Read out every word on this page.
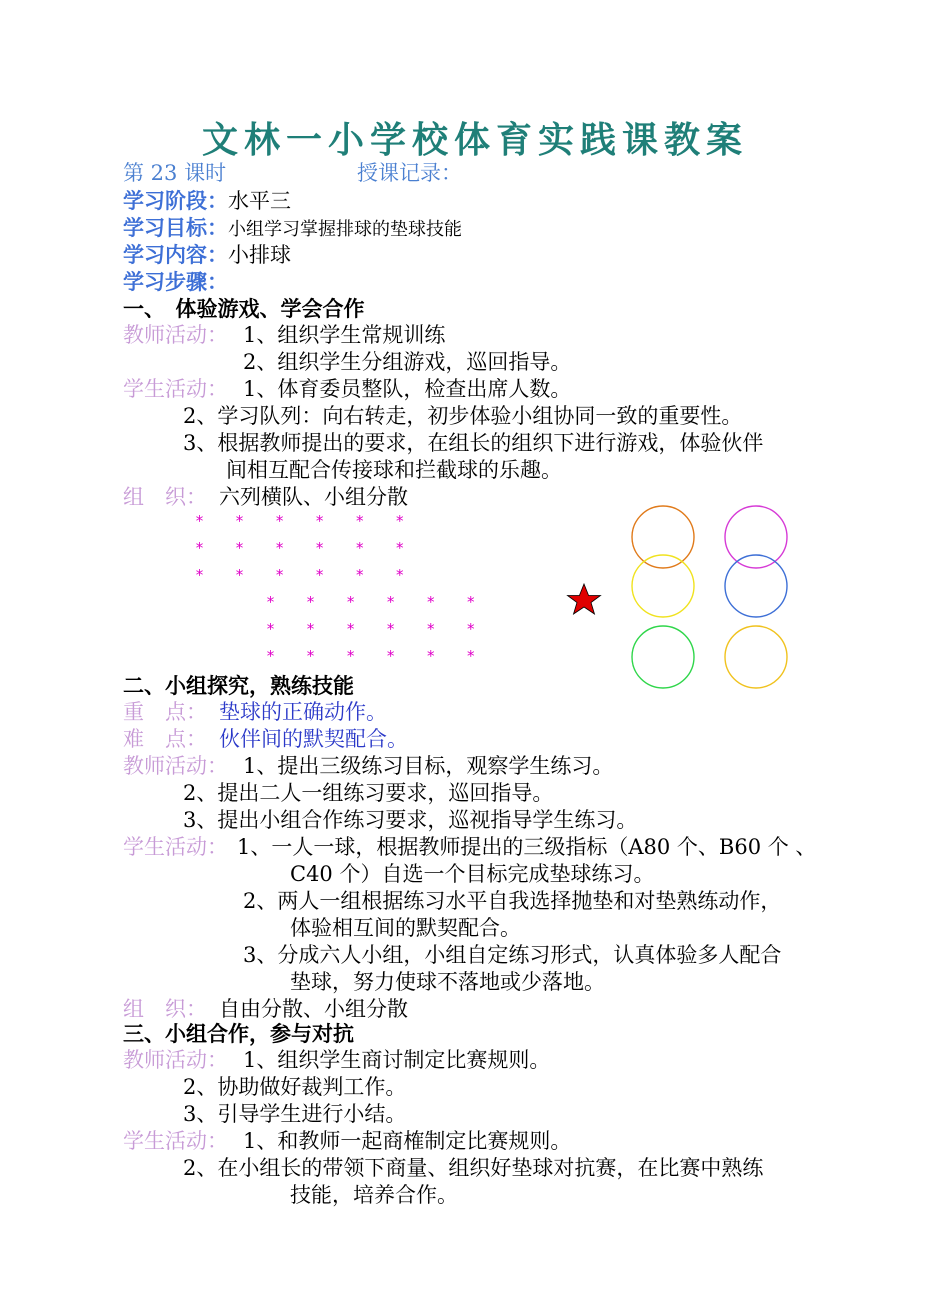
文林一小学校体育实践课教案
第 23 课时	授课记录：
学习阶段：水平三
学习目标：小组学习掌握排球的垫球技能
学习内容：小排球
学习步骤：
一、　体验游戏、学会合作
教师活动： 1、组织学生常规训练
2、组织学生分组游戏，巡回指导。
学生活动： 1、体育委员整队，检查出席人数。
2、学习队列：向右转走，初步体验小组协同一致的重要性。
3、根据教师提出的要求，在组长的组织下进行游戏，体验伙伴
间相互配合传接球和拦截球的乐趣。
组　织： 六列横队、小组分散
* * * * * *
* * * * * *
* * * * * *
* * * * * *
* * * * * *
* * * * * *
二、小组探究，熟练技能
重　点： 垫球的正确动作。
难　点： 伙伴间的默契配合。
教师活动： 1、提出三级练习目标，观察学生练习。
2、提出二人一组练习要求，巡回指导。
3、提出小组合作练习要求，巡视指导学生练习。
学生活动： 1、一人一球，根据教师提出的三级指标（A80 个、B60 个 、
C40 个）自选一个目标完成垫球练习。
2、两人一组根据练习水平自我选择抛垫和对垫熟练动作，
体验相互间的默契配合。
3、分成六人小组，小组自定练习形式，认真体验多人配合
垫球，努力使球不落地或少落地。
组　织： 自由分散、小组分散
三、小组合作，参与对抗
教师活动： 1、组织学生商讨制定比赛规则。
2、协助做好裁判工作。
3、引导学生进行小结。
学生活动： 1、和教师一起商榷制定比赛规则。
2、在小组长的带领下商量、组织好垫球对抗赛，在比赛中熟练
技能，培养合作。
